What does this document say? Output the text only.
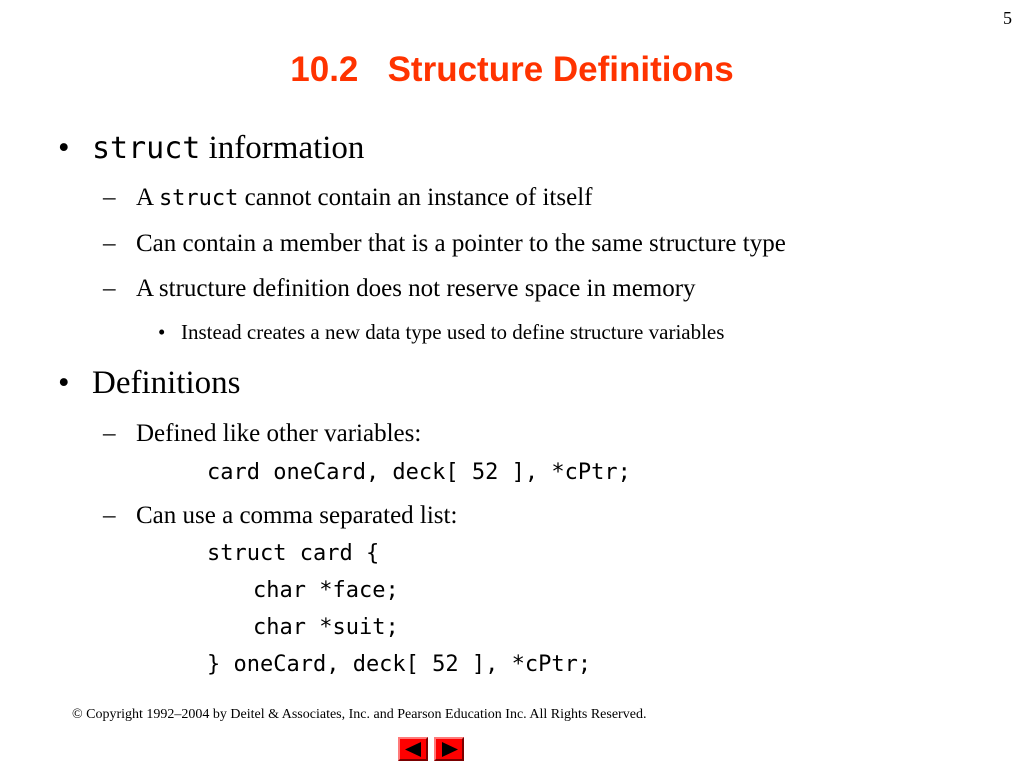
5
10.2   Structure Definitions
• struct information
– A struct cannot contain an instance of itself
– Can contain a member that is a pointer to the same structure type
– A structure definition does not reserve space in memory
• Instead creates a new data type used to define structure variables
• Definitions
– Defined like other variables:
card oneCard, deck[ 52 ], *cPtr;
– Can use a comma separated list:
struct card {
char *face;
char *suit;
} oneCard, deck[ 52 ], *cPtr;
© Copyright 1992–2004 by Deitel & Associates, Inc. and Pearson Education Inc. All Rights Reserved.
